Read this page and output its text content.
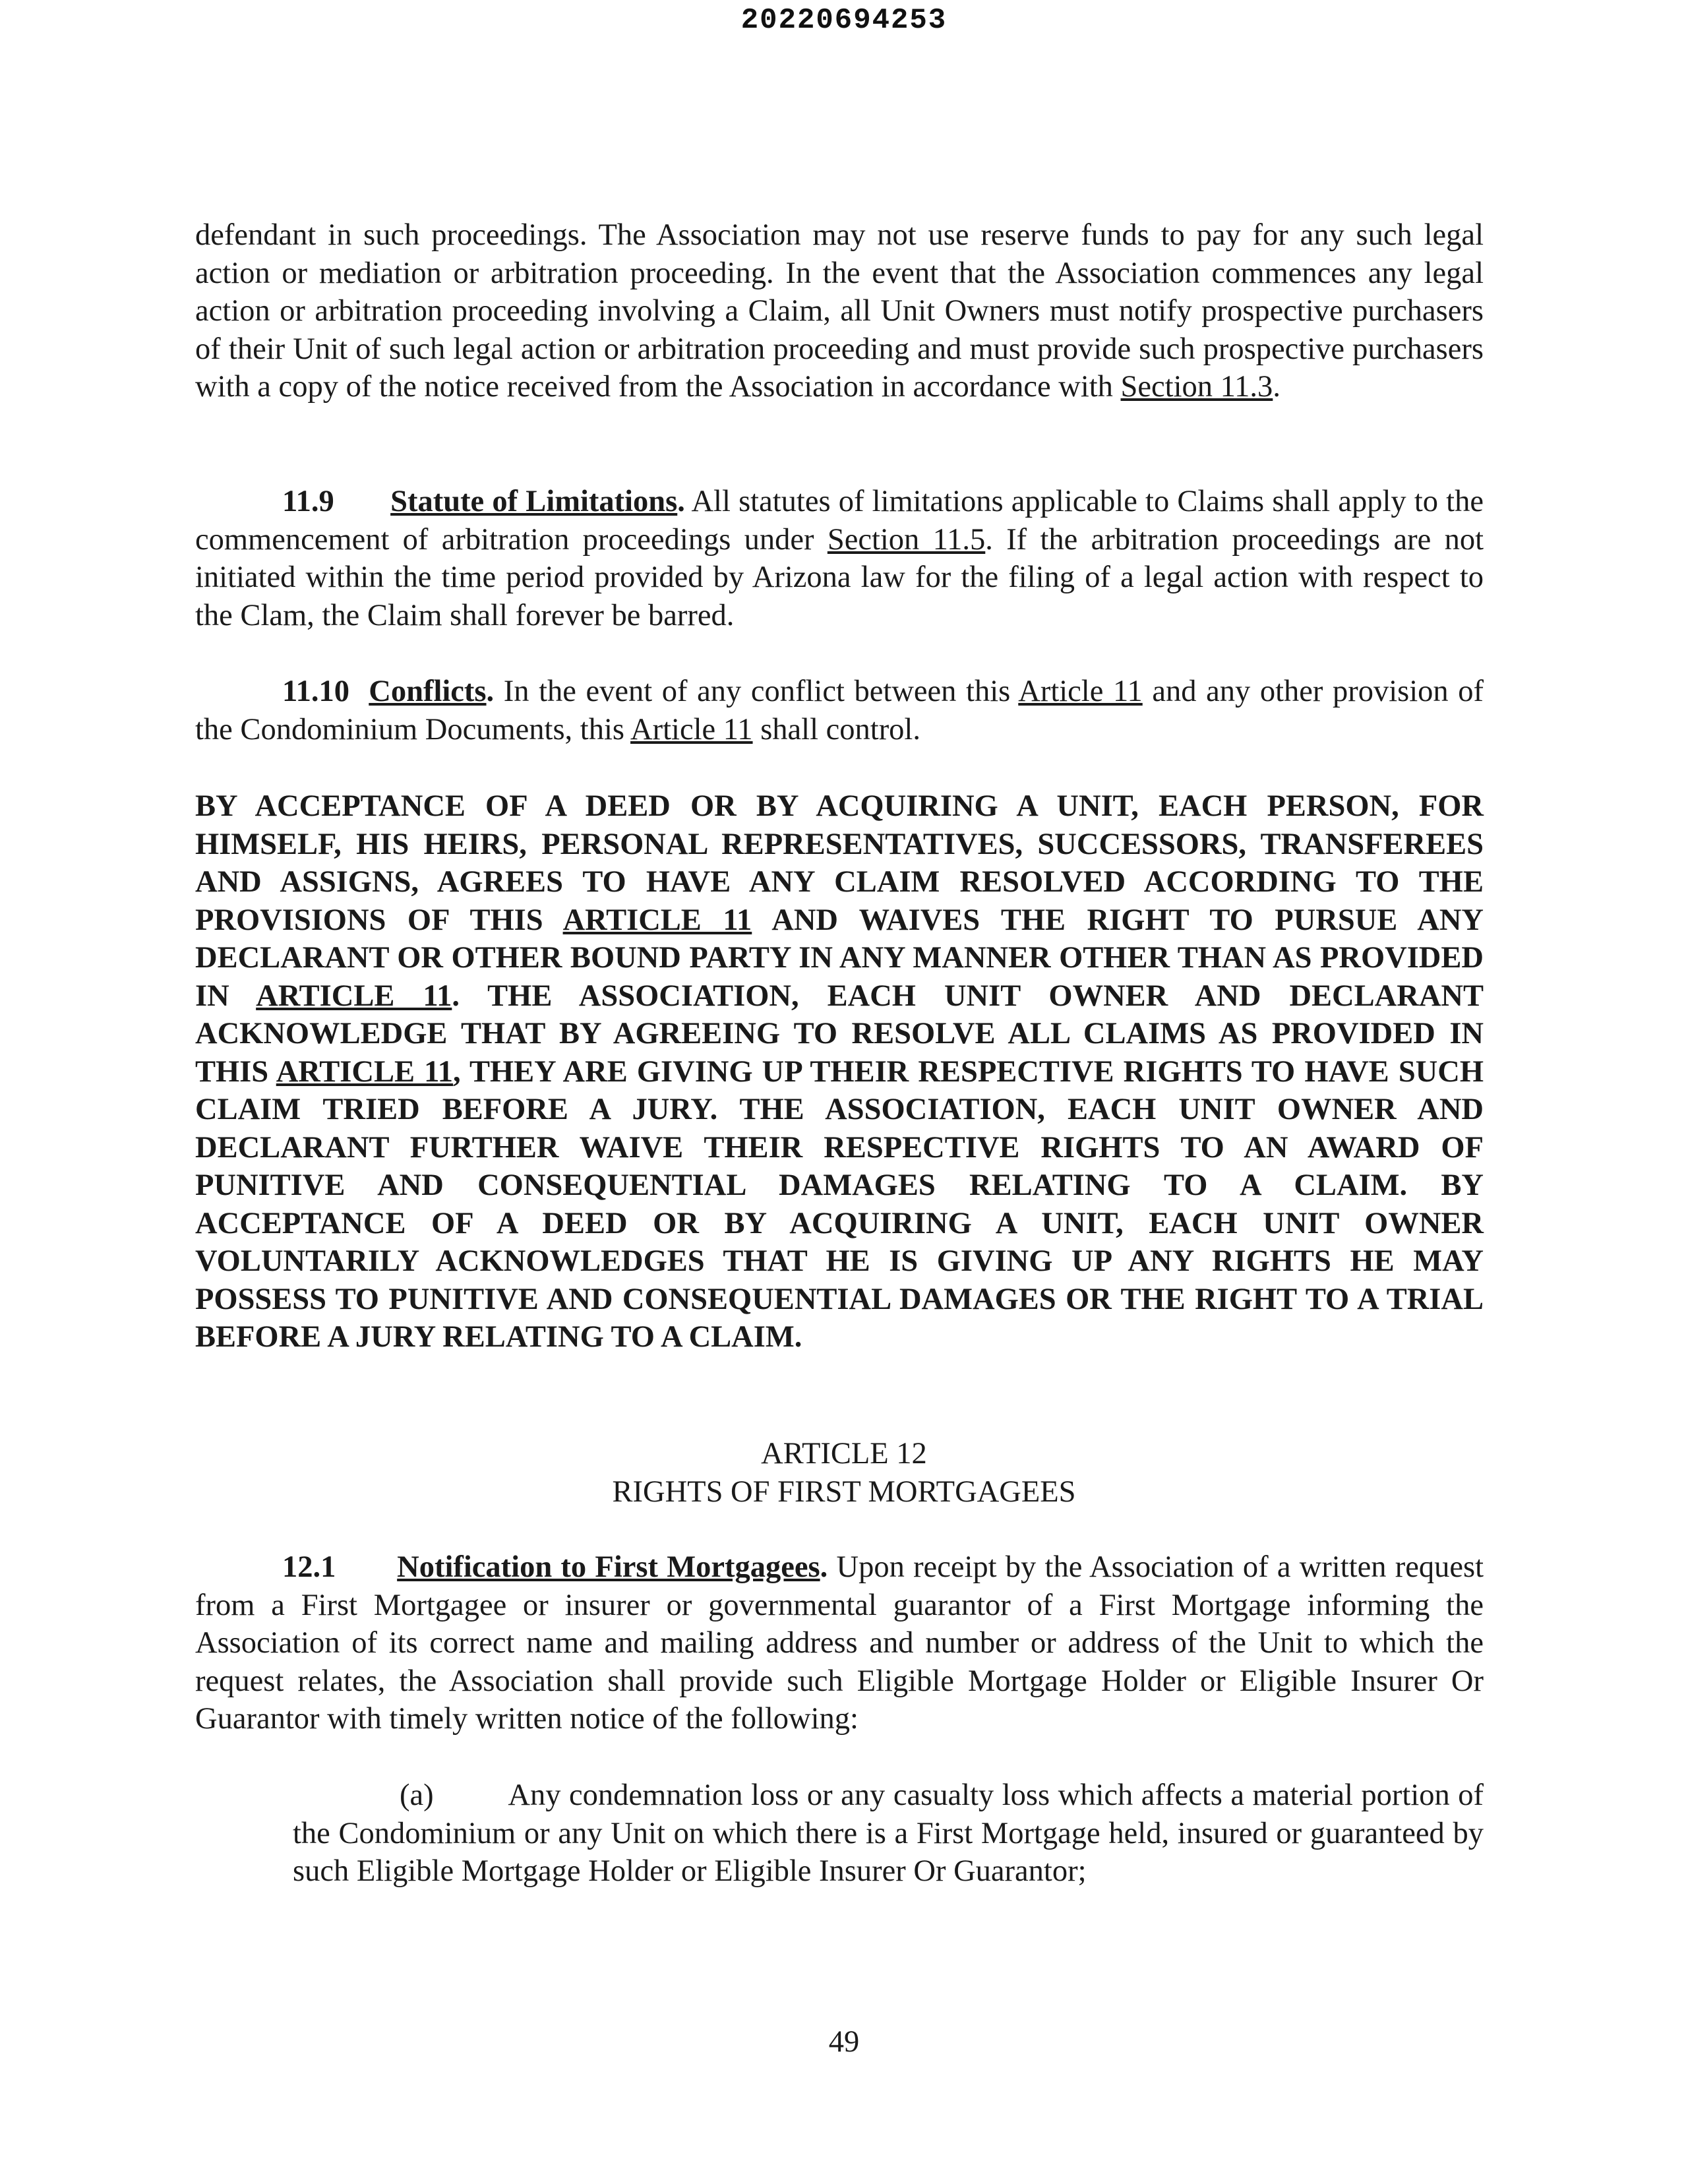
20220694253

defendant in such proceedings. The Association may not use reserve funds to pay for any such legal action or mediation or arbitration proceeding. In the event that the Association commences any legal action or arbitration proceeding involving a Claim, all Unit Owners must notify prospective purchasers of their Unit of such legal action or arbitration proceeding and must provide such prospective purchasers with a copy of the notice received from the Association in accordance with Section 11.3.

11.9 Statute of Limitations. All statutes of limitations applicable to Claims shall apply to the commencement of arbitration proceedings under Section 11.5. If the arbitration proceedings are not initiated within the time period provided by Arizona law for the filing of a legal action with respect to the Clam, the Claim shall forever be barred.

11.10 Conflicts. In the event of any conflict between this Article 11 and any other provision of the Condominium Documents, this Article 11 shall control.

BY ACCEPTANCE OF A DEED OR BY ACQUIRING A UNIT, EACH PERSON, FOR HIMSELF, HIS HEIRS, PERSONAL REPRESENTATIVES, SUCCESSORS, TRANSFEREES AND ASSIGNS, AGREES TO HAVE ANY CLAIM RESOLVED ACCORDING TO THE PROVISIONS OF THIS ARTICLE 11 AND WAIVES THE RIGHT TO PURSUE ANY DECLARANT OR OTHER BOUND PARTY IN ANY MANNER OTHER THAN AS PROVIDED IN ARTICLE 11. THE ASSOCIATION, EACH UNIT OWNER AND DECLARANT ACKNOWLEDGE THAT BY AGREEING TO RESOLVE ALL CLAIMS AS PROVIDED IN THIS ARTICLE 11, THEY ARE GIVING UP THEIR RESPECTIVE RIGHTS TO HAVE SUCH CLAIM TRIED BEFORE A JURY. THE ASSOCIATION, EACH UNIT OWNER AND DECLARANT FURTHER WAIVE THEIR RESPECTIVE RIGHTS TO AN AWARD OF PUNITIVE AND CONSEQUENTIAL DAMAGES RELATING TO A CLAIM. BY ACCEPTANCE OF A DEED OR BY ACQUIRING A UNIT, EACH UNIT OWNER VOLUNTARILY ACKNOWLEDGES THAT HE IS GIVING UP ANY RIGHTS HE MAY POSSESS TO PUNITIVE AND CONSEQUENTIAL DAMAGES OR THE RIGHT TO A TRIAL BEFORE A JURY RELATING TO A CLAIM.

ARTICLE 12
RIGHTS OF FIRST MORTGAGEES

12.1 Notification to First Mortgagees. Upon receipt by the Association of a written request from a First Mortgagee or insurer or governmental guarantor of a First Mortgage informing the Association of its correct name and mailing address and number or address of the Unit to which the request relates, the Association shall provide such Eligible Mortgage Holder or Eligible Insurer Or Guarantor with timely written notice of the following:

(a) Any condemnation loss or any casualty loss which affects a material portion of the Condominium or any Unit on which there is a First Mortgage held, insured or guaranteed by such Eligible Mortgage Holder or Eligible Insurer Or Guarantor;

49
